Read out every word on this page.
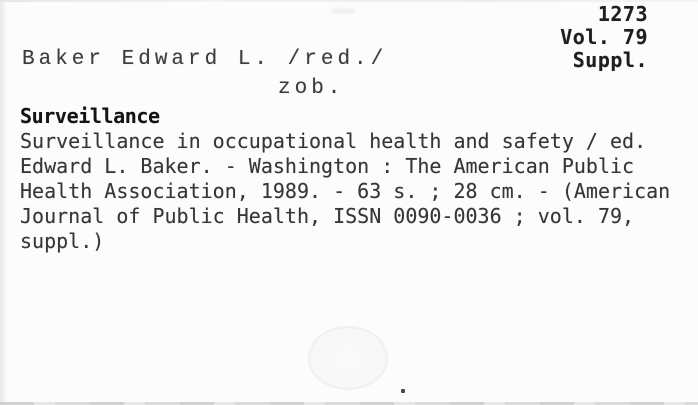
1273
Vol. 79
Suppl.
Baker Edward L. /red./
zob.
Surveillance
Surveillance in occupational health and safety / ed.
Edward L. Baker. - Washington : The American Public
Health Association, 1989. - 63 s. ; 28 cm. - (American
Journal of Public Health, ISSN 0090-0036 ; vol. 79,
suppl.)
